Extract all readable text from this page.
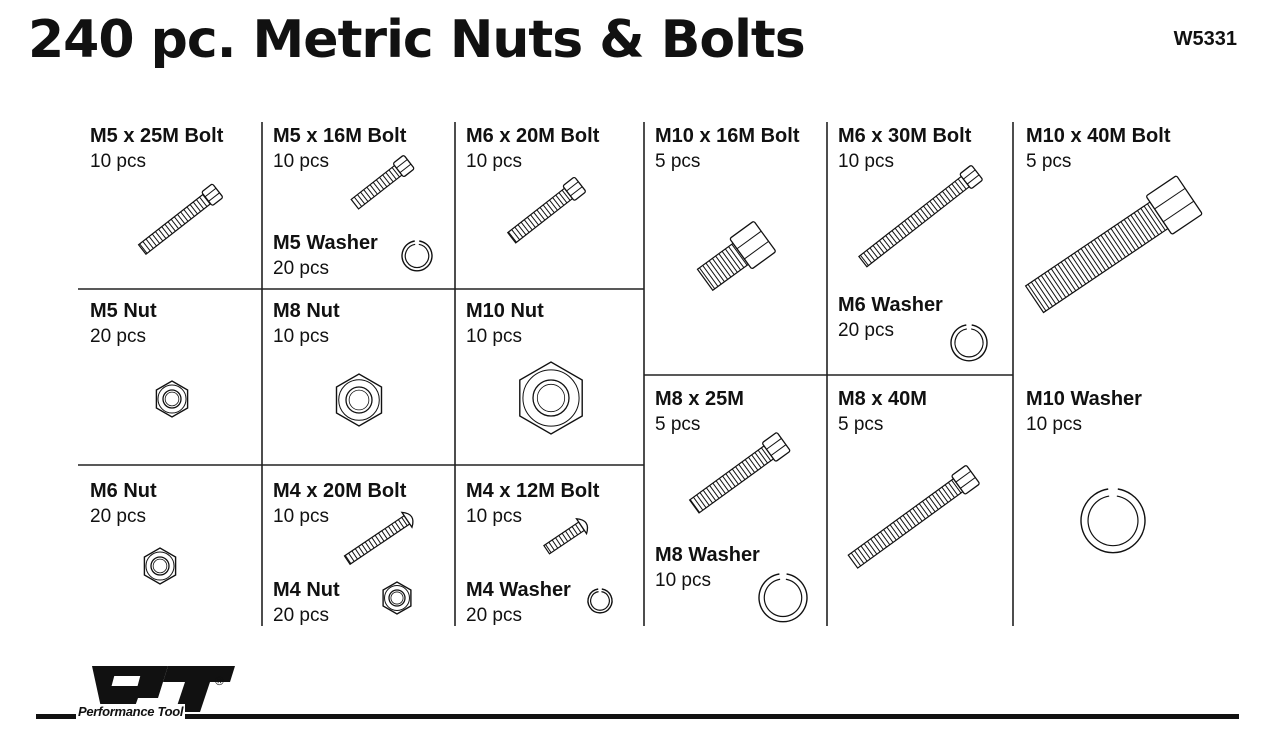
240 pc. Metric Nuts & Bolts	W5331
M5 x 25M Bolt
10 pcs
M5 x 16M Bolt
10 pcs
M5 Washer
20 pcs
M6 x 20M Bolt
10 pcs
M10 x 16M Bolt
5 pcs
M6 x 30M Bolt
10 pcs
M6 Washer
20 pcs
M10 x 40M Bolt
5 pcs
M5 Nut
20 pcs
M8 Nut
10 pcs
M10 Nut
10 pcs
M8 x 25M
5 pcs
M8 x 40M
5 pcs
M10 Washer
10 pcs
M6 Nut
20 pcs
M4 x 20M Bolt
10 pcs
M4 Nut
20 pcs
M4 x 12M Bolt
10 pcs
M4 Washer
20 pcs
M8 Washer
10 pcs
®
Performance Tool
